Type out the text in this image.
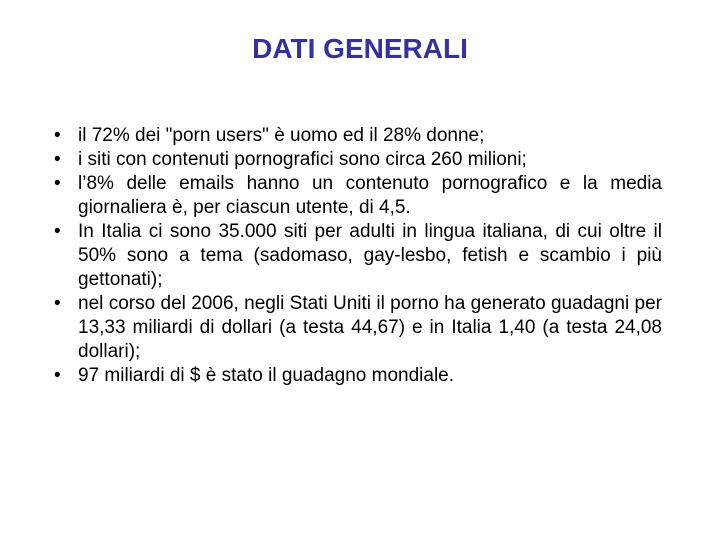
DATI GENERALI
• il 72% dei "porn users" è uomo ed il 28% donne;
• i siti con contenuti pornografici sono circa 260 milioni;
• l’8% delle emails hanno un contenuto pornografico e la media giornaliera è, per ciascun utente, di 4,5.
• In Italia ci sono 35.000 siti per adulti in lingua italiana, di cui oltre il 50% sono a tema (sadomaso, gay-lesbo, fetish e scambio i più gettonati);
• nel corso del 2006, negli Stati Uniti il porno ha generato guadagni per 13,33 miliardi di dollari (a testa 44,67) e in Italia 1,40 (a testa 24,08 dollari);
• 97 miliardi di $ è stato il guadagno mondiale.
